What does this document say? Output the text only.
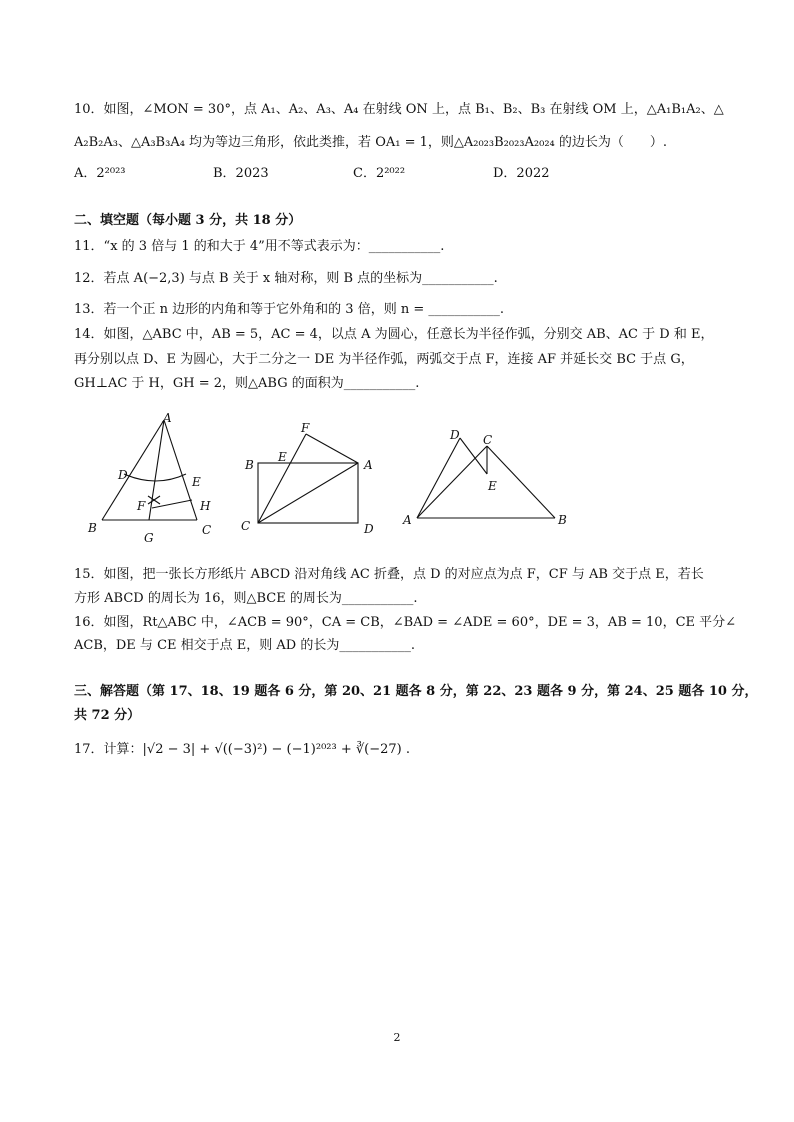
10．如图，∠MON = 30°，点 A₁、A₂、A₃、A₄ 在射线 ON 上，点 B₁、B₂、B₃ 在射线 OM 上，△A₁B₁A₂、△
A₂B₂A₃、△A₃B₃A₄ 均为等边三角形，依此类推，若 OA₁ = 1，则△A₂₀₂₃B₂₀₂₃A₂₀₂₄ 的边长为（　　）.
A．2²⁰²³	B．2023	C．2²⁰²²	D．2022
二、填空题（每小题 3 分，共 18 分）
11．“x 的 3 倍与 1 的和大于 4”用不等式表示为：___________.
12．若点 A(−2,3) 与点 B 关于 x 轴对称，则 B 点的坐标为___________.
13．若一个正 n 边形的内角和等于它外角和的 3 倍，则 n = ___________.
14．如图，△ABC 中，AB = 5，AC = 4，以点 A 为圆心，任意长为半径作弧，分别交 AB、AC 于 D 和 E，
再分别以点 D、E 为圆心，大于二分之一 DE 为半径作弧，两弧交于点 F，连接 AF 并延长交 BC 于点 G，
GH⊥AC 于 H，GH = 2，则△ABG 的面积为___________.
A
B	C
D	E
F
G
H
F
B
E
A
C	D
D C
E
A	B
15．如图，把一张长方形纸片 ABCD 沿对角线 AC 折叠，点 D 的对应点为点 F，CF 与 AB 交于点 E，若长
方形 ABCD 的周长为 16，则△BCE 的周长为___________.
16．如图，Rt△ABC 中，∠ACB = 90°，CA = CB，∠BAD = ∠ADE = 60°，DE = 3，AB = 10，CE 平分∠
ACB，DE 与 CE 相交于点 E，则 AD 的长为___________.
三、解答题（第 17、18、19 题各 6 分，第 20、21 题各 8 分，第 22、23 题各 9 分，第 24、25 题各 10 分，
共 72 分）
17．计算：|√2 − 3| + √((−3)²) − (−1)²⁰²³ + ∛(−27) .
2
